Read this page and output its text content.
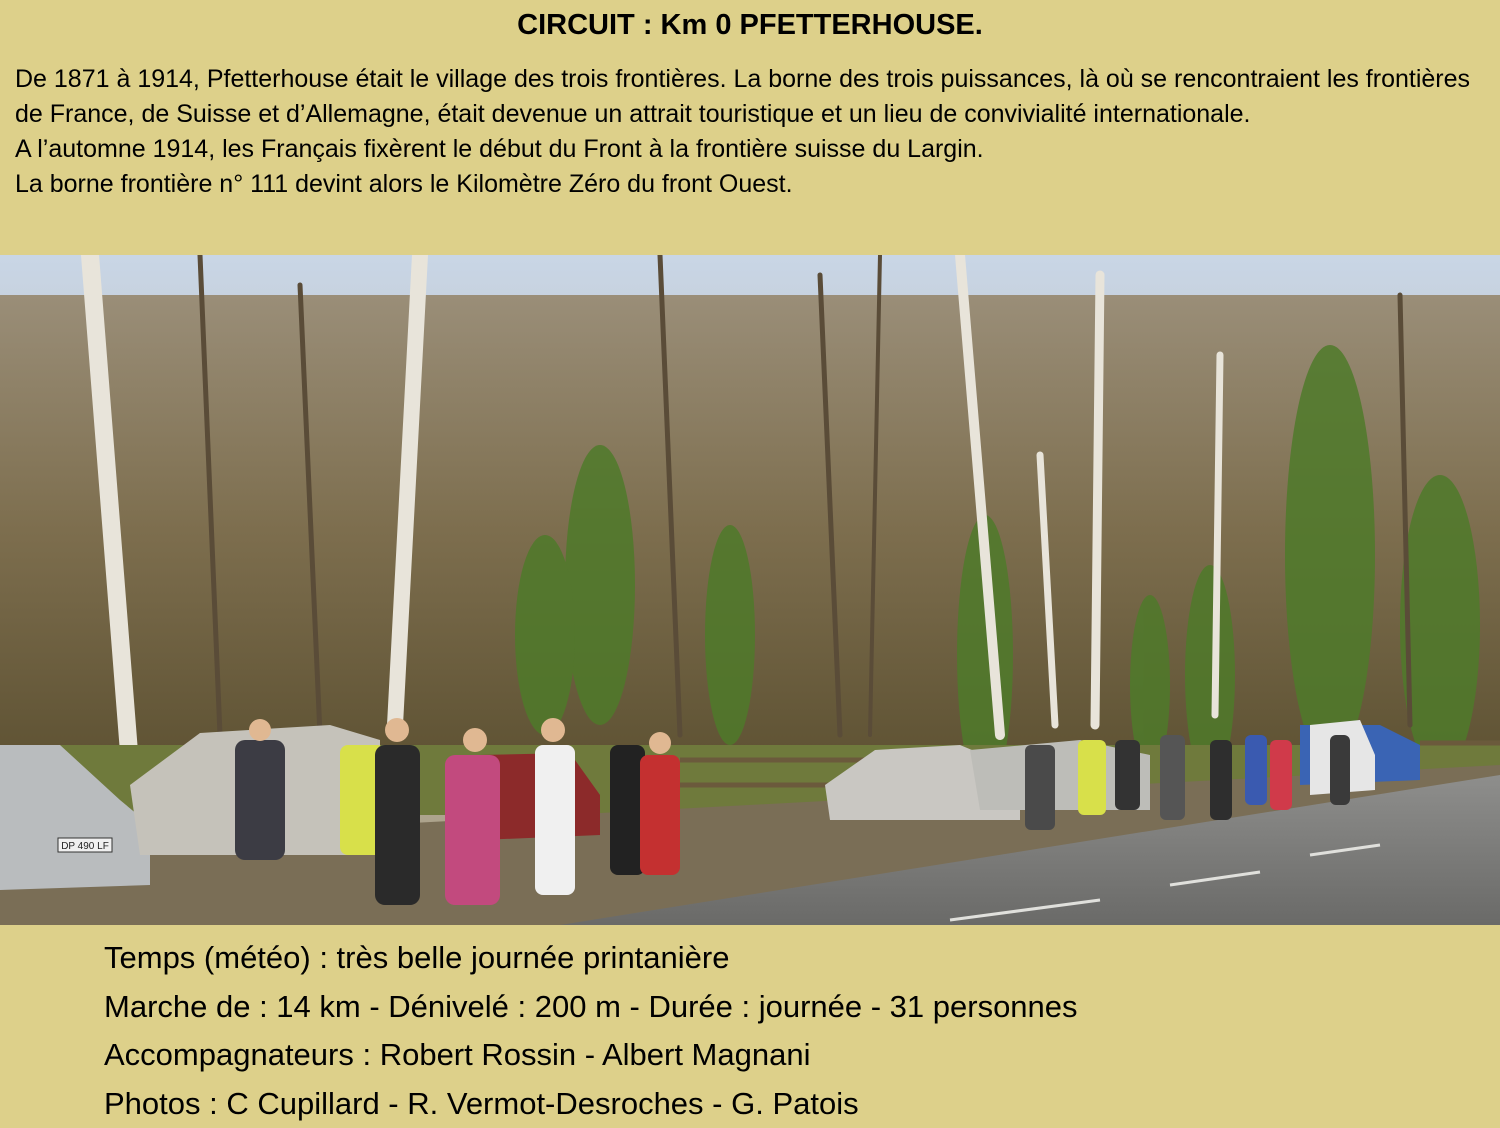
CIRCUIT : Km 0 PFETTERHOUSE.

De 1871 à 1914, Pfetterhouse était le village des trois frontières. La borne des trois puissances, là où se rencontraient les frontières de France, de Suisse et d’Allemagne, était devenue un attrait touristique et un lieu de convivialité internationale.

A l’automne 1914, les Français fixèrent le début du Front à la frontière suisse du Largin.

La borne frontière n° 111 devint alors le Kilomètre Zéro du front Ouest.

DP 490 LF
Temps (météo) : très belle journée printanière
Marche de : 14 km - Dénivelé : 200 m - Durée : journée - 31 personnes
Accompagnateurs : Robert Rossin - Albert Magnani
Photos : C Cupillard - R. Vermot-Desroches - G. Patois
